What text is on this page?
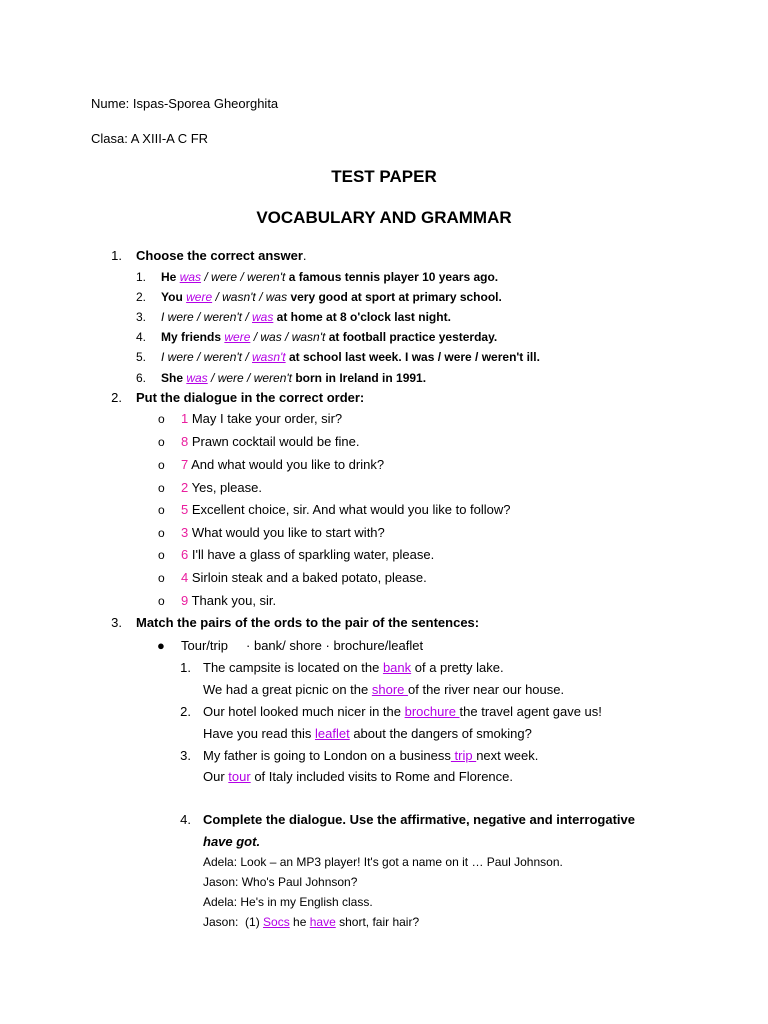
Nume: Ispas-Sporea Gheorghita
Clasa: A XIII-A C FR
TEST PAPER
VOCABULARY AND GRAMMAR
1. Choose the correct answer.
1. He was / were / weren't a famous tennis player 10 years ago.
2. You were / wasn't / was very good at sport at primary school.
3. I were / weren't / was at home at 8 o'clock last night.
4. My friends were / was / wasn't at football practice yesterday.
5. I were / weren't / wasn't at school last week. I was / were / weren't ill.
6. She was / were / weren't born in Ireland in 1991.
2. Put the dialogue in the correct order:
o 1 May I take your order, sir?
o 8 Prawn cocktail would be fine.
o 7 And what would you like to drink?
o 2 Yes, please.
o 5 Excellent choice, sir. And what would you like to follow?
o 3 What would you like to start with?
o 6 I'll have a glass of sparkling water, please.
o 4 Sirloin steak and a baked potato, please.
o 9 Thank you, sir.
3. Match the pairs of the ords to the pair of the sentences:
● Tour/trip     · bank/ shore · brochure/leaflet
1. The campsite is located on the bank of a pretty lake.
We had a great picnic on the shore of the river near our house.
2. Our hotel looked much nicer in the brochure the travel agent gave us!
Have you read this leaflet about the dangers of smoking?
3. My father is going to London on a business trip next week.
Our tour of Italy included visits to Rome and Florence.
4. Complete the dialogue. Use the affirmative, negative and interrogative
have got.
Adela: Look – an MP3 player! It's got a name on it … Paul Johnson.
Jason: Who's Paul Johnson?
Adela: He's in my English class.
Jason:  (1) Socs he have short, fair hair?
